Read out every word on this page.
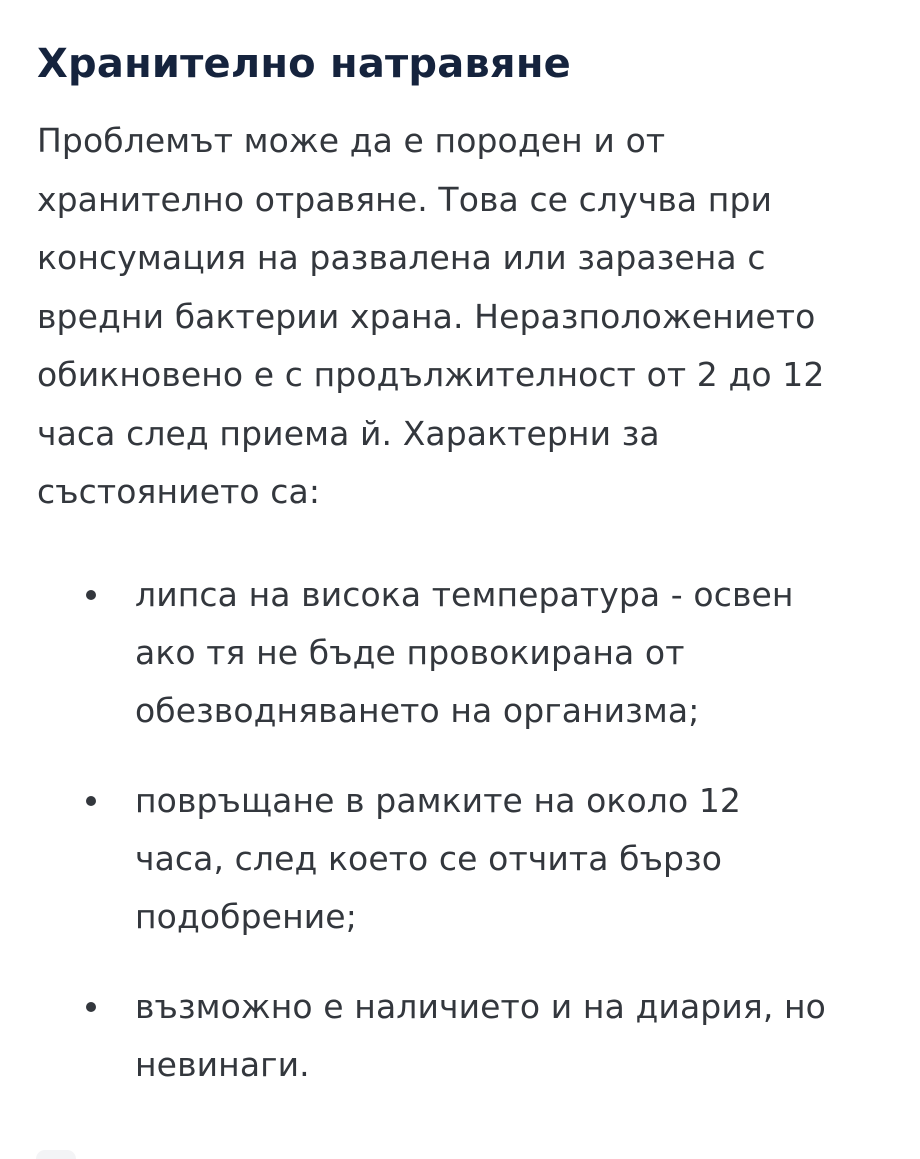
Хранително натравяне

Проблемът може да е породен и от
хранително отравяне. Това се случва при
консумация на развалена или заразена с
вредни бактерии храна. Неразположението
обикновено е с продължителност от 2 до 12
часа след приема й. Характерни за
състоянието са:

липса на висока температура - освен
ако тя не бъде провокирана от
обезводняването на организма;
повръщане в рамките на около 12
часа, след което се отчита бързо
подобрение;
възможно е наличието и на диария, но
невинаги.
